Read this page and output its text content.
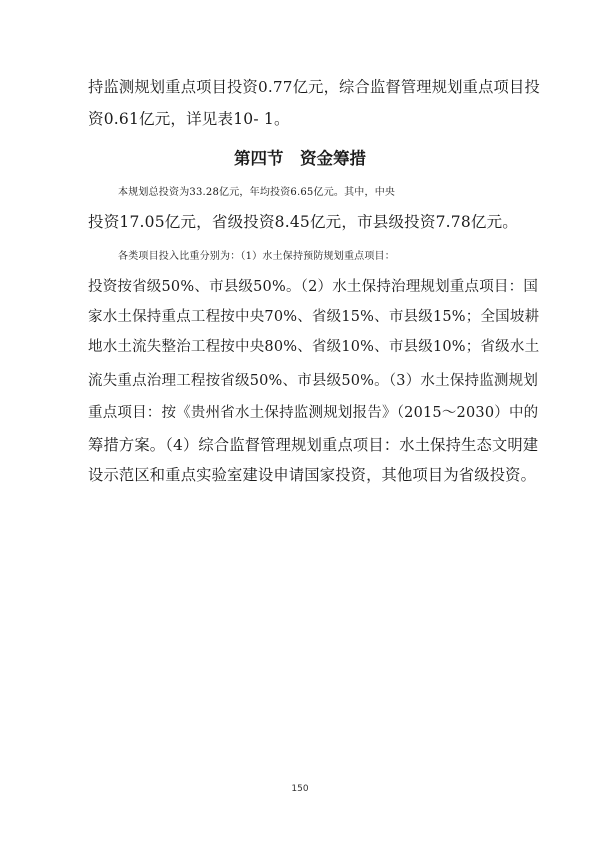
持监测规划重点项目投资0.77亿元，综合监督管理规划重点项目投
资0.61亿元，详见表10- 1。
第四节　资金筹措
本规划总投资为33.28亿元，年均投资6.65亿元。其中，中央
投资17.05亿元，省级投资8.45亿元，市县级投资7.78亿元。
各类项目投入比重分别为：（1）水土保持预防规划重点项目：
投资按省级50%、市县级50%。（2）水土保持治理规划重点项目：国
家水土保持重点工程按中央70%、省级15%、市县级15%；全国坡耕
地水土流失整治工程按中央80%、省级10%、市县级10%；省级水土
流失重点治理工程按省级50%、市县级50%。（3）水土保持监测规划
重点项目：按《贵州省水土保持监测规划报告》（2015～2030）中的
筹措方案。（4）综合监督管理规划重点项目：水土保持生态文明建
设示范区和重点实验室建设申请国家投资，其他项目为省级投资。
150
